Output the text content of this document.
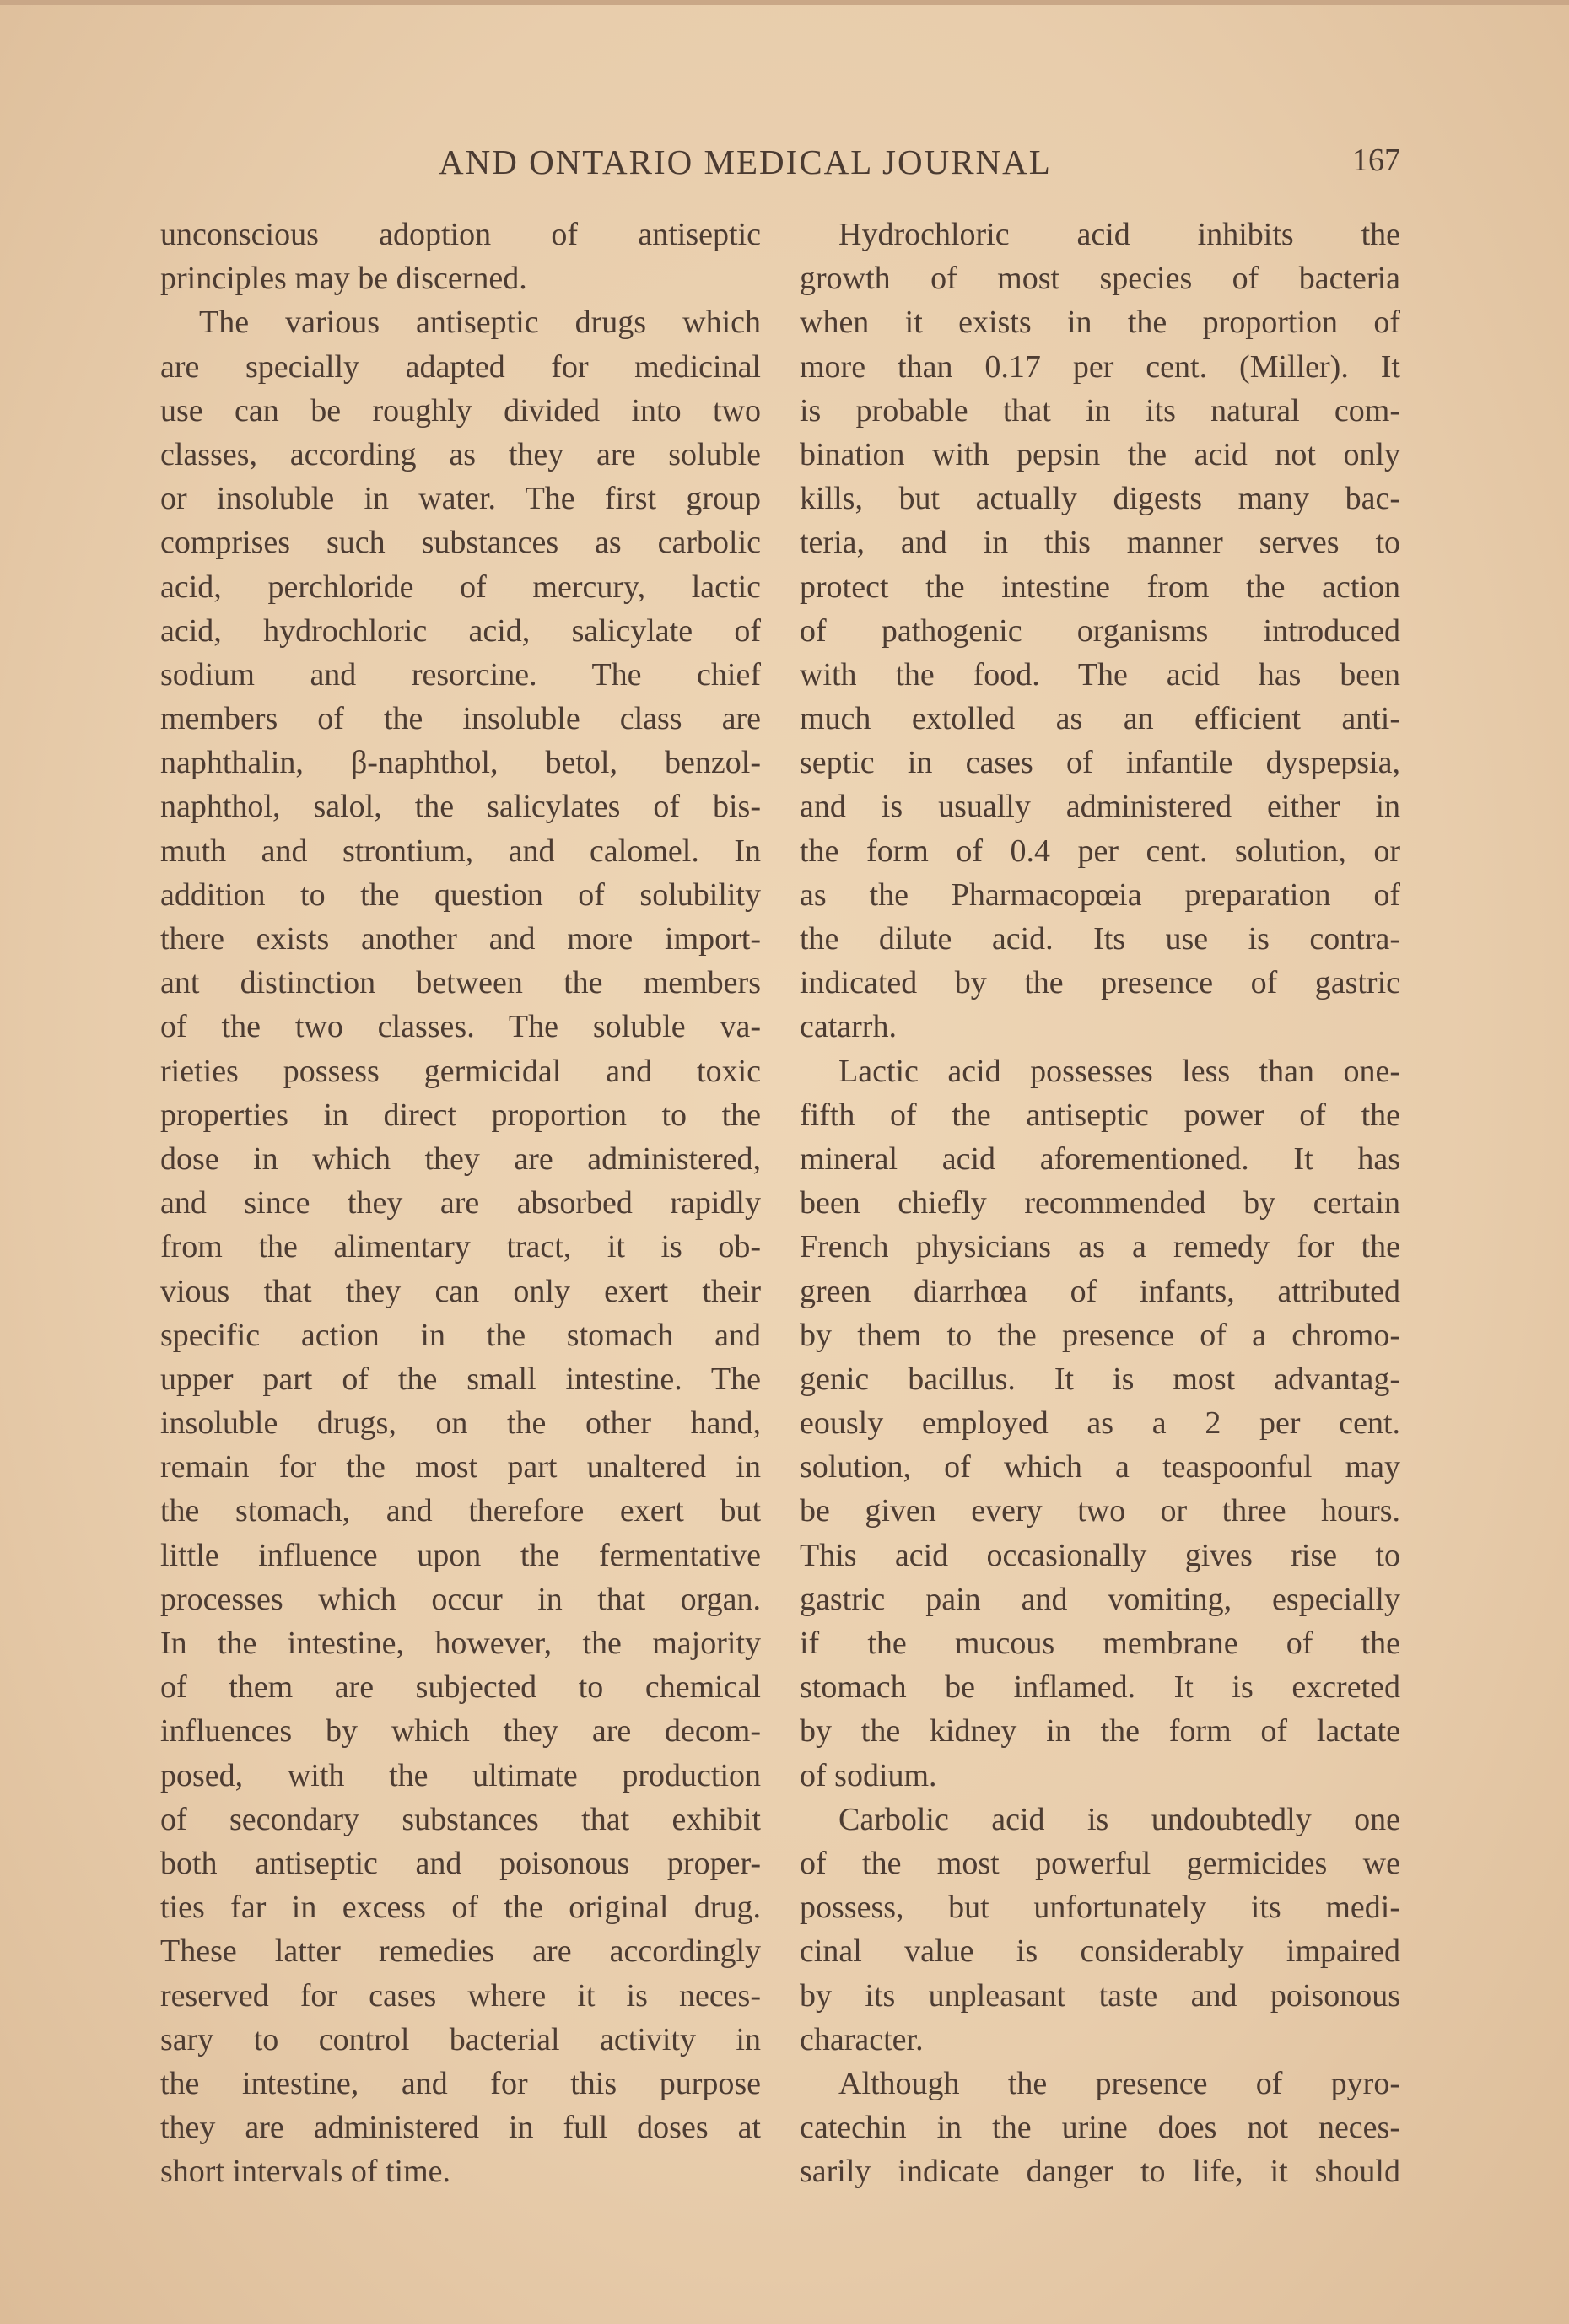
AND ONTARIO MEDICAL JOURNAL	167
unconscious adoption of antiseptic
principles may be discerned.
The various antiseptic drugs which
are specially adapted for medicinal
use can be roughly divided into two
classes, according as they are soluble
or insoluble in water. The first group
comprises such substances as carbolic
acid, perchloride of mercury, lactic
acid, hydrochloric acid, salicylate of
sodium and resorcine. The chief
members of the insoluble class are
naphthalin, β-naphthol, betol, benzol-
naphthol, salol, the salicylates of bis-
muth and strontium, and calomel. In
addition to the question of solubility
there exists another and more import-
ant distinction between the members
of the two classes. The soluble va-
rieties possess germicidal and toxic
properties in direct proportion to the
dose in which they are administered,
and since they are absorbed rapidly
from the alimentary tract, it is ob-
vious that they can only exert their
specific action in the stomach and
upper part of the small intestine. The
insoluble drugs, on the other hand,
remain for the most part unaltered in
the stomach, and therefore exert but
little influence upon the fermentative
processes which occur in that organ.
In the intestine, however, the majority
of them are subjected to chemical
influences by which they are decom-
posed, with the ultimate production
of secondary substances that exhibit
both antiseptic and poisonous proper-
ties far in excess of the original drug.
These latter remedies are accordingly
reserved for cases where it is neces-
sary to control bacterial activity in
the intestine, and for this purpose
they are administered in full doses at
short intervals of time.
Hydrochloric acid inhibits the
growth of most species of bacteria
when it exists in the proportion of
more than 0.17 per cent. (Miller). It
is probable that in its natural com-
bination with pepsin the acid not only
kills, but actually digests many bac-
teria, and in this manner serves to
protect the intestine from the action
of pathogenic organisms introduced
with the food. The acid has been
much extolled as an efficient anti-
septic in cases of infantile dyspepsia,
and is usually administered either in
the form of 0.4 per cent. solution, or
as the Pharmacopœia preparation of
the dilute acid. Its use is contra-
indicated by the presence of gastric
catarrh.
Lactic acid possesses less than one-
fifth of the antiseptic power of the
mineral acid aforementioned. It has
been chiefly recommended by certain
French physicians as a remedy for the
green diarrhœa of infants, attributed
by them to the presence of a chromo-
genic bacillus. It is most advantag-
eously employed as a 2 per cent.
solution, of which a teaspoonful may
be given every two or three hours.
This acid occasionally gives rise to
gastric pain and vomiting, especially
if the mucous membrane of the
stomach be inflamed. It is excreted
by the kidney in the form of lactate
of sodium.
Carbolic acid is undoubtedly one
of the most powerful germicides we
possess, but unfortunately its medi-
cinal value is considerably impaired
by its unpleasant taste and poisonous
character.
Although the presence of pyro-
catechin in the urine does not neces-
sarily indicate danger to life, it should
